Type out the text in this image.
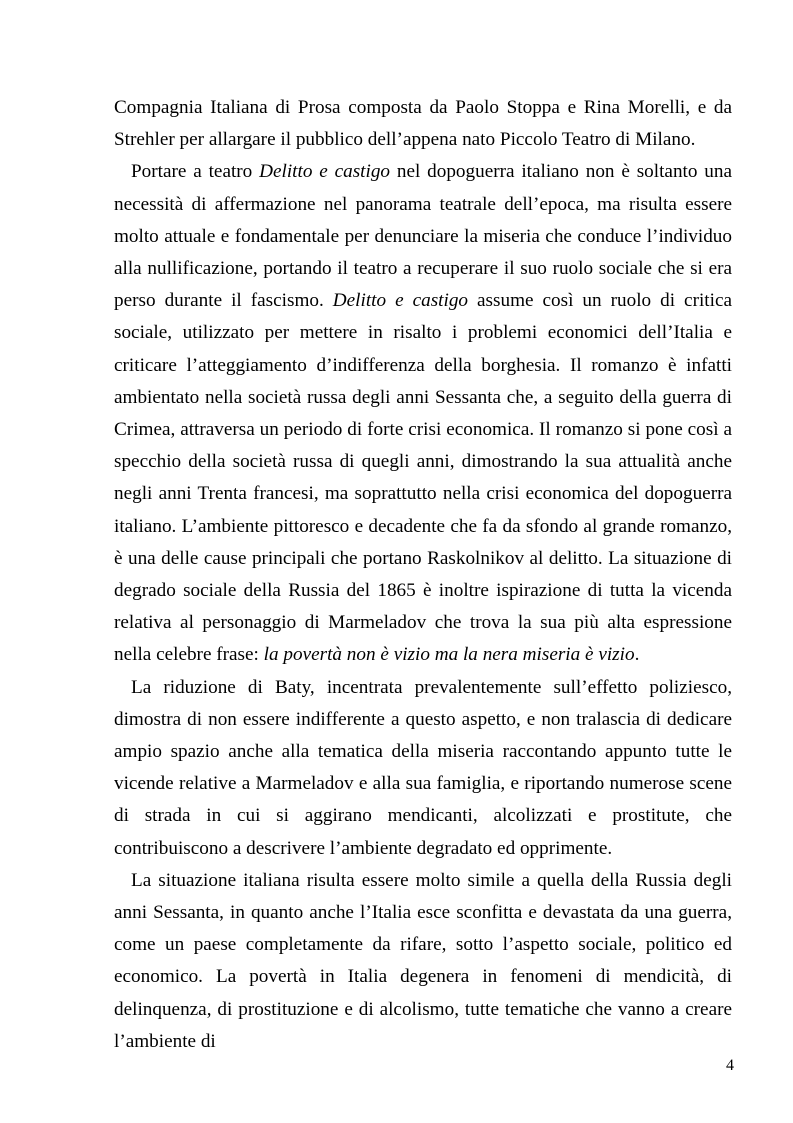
Compagnia Italiana di Prosa composta da Paolo Stoppa e Rina Morelli, e da Strehler per allargare il pubblico dell’appena nato Piccolo Teatro di Milano.

Portare a teatro Delitto e castigo nel dopoguerra italiano non è soltanto una necessità di affermazione nel panorama teatrale dell’epoca, ma risulta essere molto attuale e fondamentale per denunciare la miseria che conduce l’individuo alla nullificazione, portando il teatro a recuperare il suo ruolo sociale che si era perso durante il fascismo. Delitto e castigo assume così un ruolo di critica sociale, utilizzato per mettere in risalto i problemi economici dell’Italia e criticare l’atteggiamento d’indifferenza della borghesia. Il romanzo è infatti ambientato nella società russa degli anni Sessanta che, a seguito della guerra di Crimea, attraversa un periodo di forte crisi economica. Il romanzo si pone così a specchio della società russa di quegli anni, dimostrando la sua attualità anche negli anni Trenta francesi, ma soprattutto nella crisi economica del dopoguerra italiano. L’ambiente pittoresco e decadente che fa da sfondo al grande romanzo, è una delle cause principali che portano Raskolnikov al delitto. La situazione di degrado sociale della Russia del 1865 è inoltre ispirazione di tutta la vicenda relativa al personaggio di Marmeladov che trova la sua più alta espressione nella celebre frase: la povertà non è vizio ma la nera miseria è vizio.

La riduzione di Baty, incentrata prevalentemente sull’effetto poliziesco, dimostra di non essere indifferente a questo aspetto, e non tralascia di dedicare ampio spazio anche alla tematica della miseria raccontando appunto tutte le vicende relative a Marmeladov e alla sua famiglia, e riportando numerose scene di strada in cui si aggirano mendicanti, alcolizzati e prostitute, che contribuiscono a descrivere l’ambiente degradato ed opprimente.

La situazione italiana risulta essere molto simile a quella della Russia degli anni Sessanta, in quanto anche l’Italia esce sconfitta e devastata da una guerra, come un paese completamente da rifare, sotto l’aspetto sociale, politico ed economico. La povertà in Italia degenera in fenomeni di mendicità, di delinquenza, di prostituzione e di alcolismo, tutte tematiche che vanno a creare l’ambiente di

4
